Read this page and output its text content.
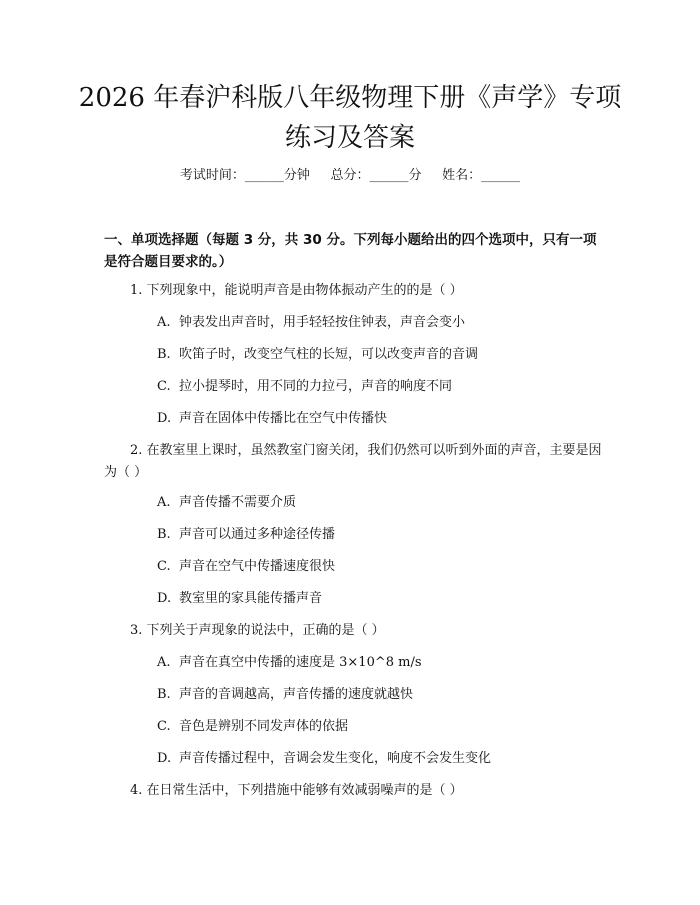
2026 年春沪科版八年级物理下册《声学》专项练习及答案
考试时间：______分钟     总分：______分     姓名：______
一、单项选择题（每题 3 分，共 30 分。下列每小题给出的四个选项中，只有一项是符合题目要求的。）
1. 下列现象中，能说明声音是由物体振动产生的的是（ ）
A. 钟表发出声音时，用手轻轻按住钟表，声音会变小
B. 吹笛子时，改变空气柱的长短，可以改变声音的音调
C. 拉小提琴时，用不同的力拉弓，声音的响度不同
D. 声音在固体中传播比在空气中传播快
2. 在教室里上课时，虽然教室门窗关闭，我们仍然可以听到外面的声音，主要是因为（ ）
A. 声音传播不需要介质
B. 声音可以通过多种途径传播
C. 声音在空气中传播速度很快
D. 教室里的家具能传播声音
3. 下列关于声现象的说法中，正确的是（ ）
A. 声音在真空中传播的速度是 3×10^8 m/s
B. 声音的音调越高，声音传播的速度就越快
C. 音色是辨别不同发声体的依据
D. 声音传播过程中，音调会发生变化，响度不会发生变化
4. 在日常生活中，下列措施中能够有效减弱噪声的是（ ）
